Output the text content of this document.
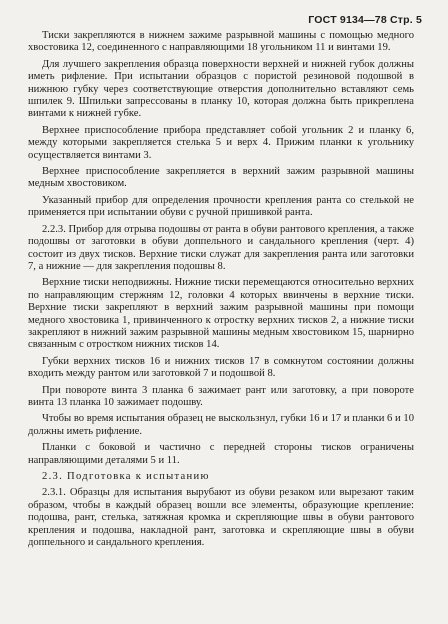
ГОСТ 9134—78 Стр. 5

Тиски закрепляются в нижнем зажиме разрывной машины с помощью медного хвостовика 12, соединенного с направляющими 18 угольником 11 и винтами 19.

Для лучшего закрепления образца поверхности верхней и нижней губок должны иметь рифление. При испытании образцов с пористой резиновой подошвой в нижнюю губку через соответствующие отверстия дополнительно вставляют семь шпилек 9. Шпильки запрессованы в планку 10, которая должна быть прикреплена винтами к нижней губке.

Верхнее приспособление прибора представляет собой угольник 2 и планку 6, между которыми закрепляется стелька 5 и верх 4. Прижим планки к угольнику осуществляется винтами 3.

Верхнее приспособление закрепляется в верхний зажим разрывной машины медным хвостовиком.

Указанный прибор для определения прочности крепления ранта со стелькой не применяется при испытании обуви с ручной пришивкой ранта.

2.2.3. Прибор для отрыва подошвы от ранта в обуви рантового крепления, а также подошвы от заготовки в обуви доппельного и сандального крепления (черт. 4) состоит из двух тисков. Верхние тиски служат для закрепления ранта или заготовки 7, а нижние — для закрепления подошвы 8.

Верхние тиски неподвижны. Нижние тиски перемещаются относительно верхних по направляющим стержням 12, головки 4 которых ввинчены в верхние тиски. Верхние тиски закрепляют в верхний зажим разрывной машины при помощи медного хвостовика 1, привинченного к отростку верхних тисков 2, а нижние тиски закрепляют в нижний зажим разрывной машины медным хвостовиком 15, шарнирно связанным с отростком нижних тисков 14.

Губки верхних тисков 16 и нижних тисков 17 в сомкнутом состоянии должны входить между рантом или заготовкой 7 и подошвой 8.

При повороте винта 3 планка 6 зажимает рант или заготовку, а при повороте винта 13 планка 10 зажимает подошву.

Чтобы во время испытания образец не выскользнул, губки 16 и 17 и планки 6 и 10 должны иметь рифление.

Планки с боковой и частично с передней стороны тисков ограничены направляющими деталями 5 и 11.

2.3. Подготовка к испытанию

2.3.1. Образцы для испытания вырубают из обуви резаком или вырезают таким образом, чтобы в каждый образец вошли все элементы, образующие крепление: подошва, рант, стелька, затяжная кромка и скрепляющие швы в обуви рантового крепления и подошва, накладной рант, заготовка и скрепляющие швы в обуви доппельного и сандального крепления.
